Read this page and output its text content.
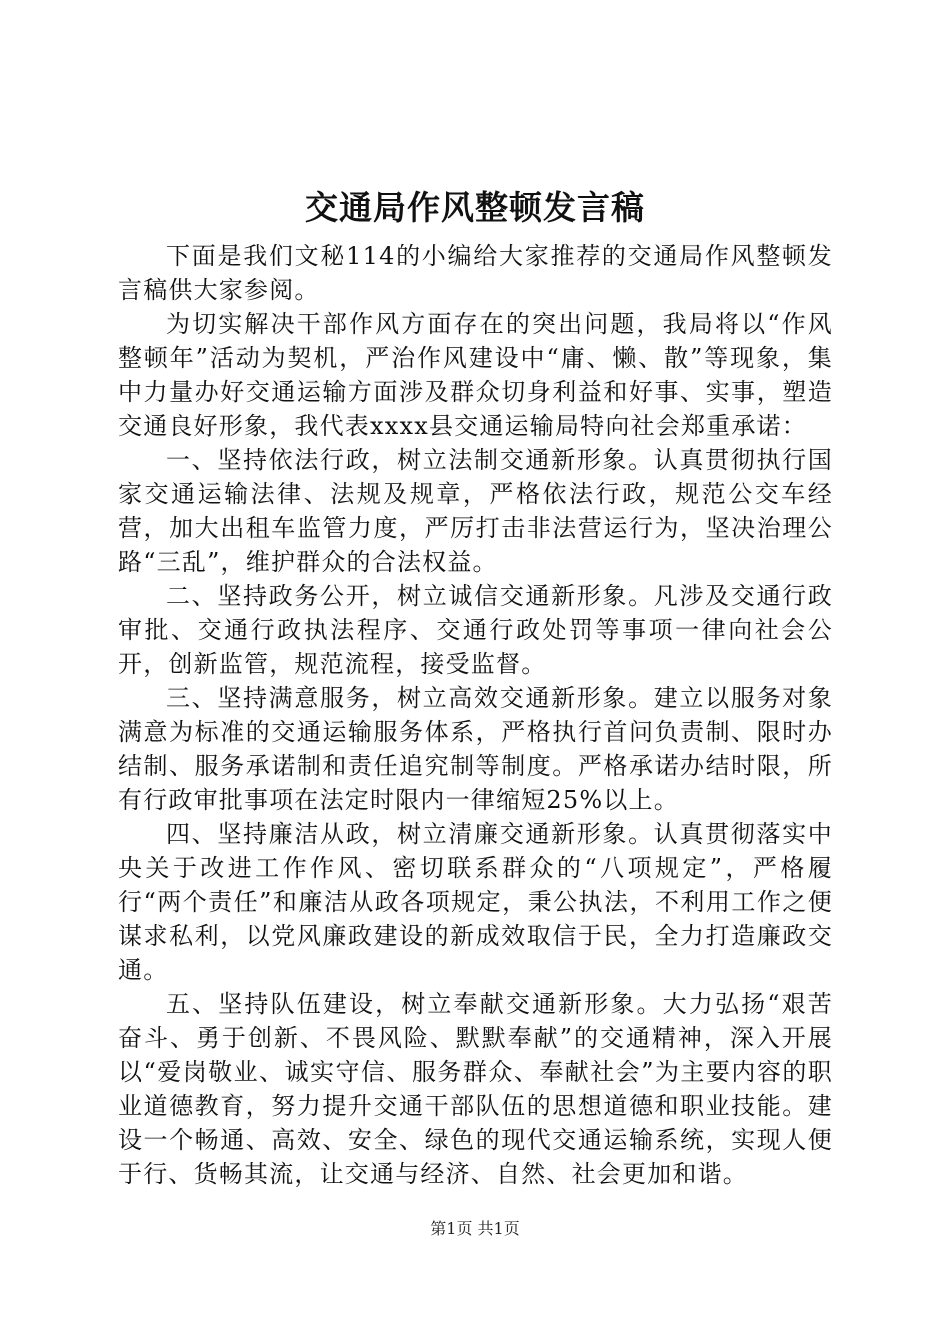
交通局作风整顿发言稿

下面是我们文秘114的小编给大家推荐的交通局作风整顿发言稿供大家参阅。

为切实解决干部作风方面存在的突出问题，我局将以“作风整顿年”活动为契机，严治作风建设中“庸、懒、散”等现象，集中力量办好交通运输方面涉及群众切身利益和好事、实事，塑造交通良好形象，我代表xxxx县交通运输局特向社会郑重承诺：

一、坚持依法行政，树立法制交通新形象。认真贯彻执行国家交通运输法律、法规及规章，严格依法行政，规范公交车经营，加大出租车监管力度，严厉打击非法营运行为，坚决治理公路“三乱”，维护群众的合法权益。

二、坚持政务公开，树立诚信交通新形象。凡涉及交通行政审批、交通行政执法程序、交通行政处罚等事项一律向社会公开，创新监管，规范流程，接受监督。

三、坚持满意服务，树立高效交通新形象。建立以服务对象满意为标准的交通运输服务体系，严格执行首问负责制、限时办结制、服务承诺制和责任追究制等制度。严格承诺办结时限，所有行政审批事项在法定时限内一律缩短25%以上。

四、坚持廉洁从政，树立清廉交通新形象。认真贯彻落实中央关于改进工作作风、密切联系群众的“八项规定”，严格履行“两个责任”和廉洁从政各项规定，秉公执法，不利用工作之便谋求私利，以党风廉政建设的新成效取信于民，全力打造廉政交通。

五、坚持队伍建设，树立奉献交通新形象。大力弘扬“艰苦奋斗、勇于创新、不畏风险、默默奉献”的交通精神，深入开展以“爱岗敬业、诚实守信、服务群众、奉献社会”为主要内容的职业道德教育，努力提升交通干部队伍的思想道德和职业技能。建设一个畅通、高效、安全、绿色的现代交通运输系统，实现人便于行、货畅其流，让交通与经济、自然、社会更加和谐。

第1页 共1页
